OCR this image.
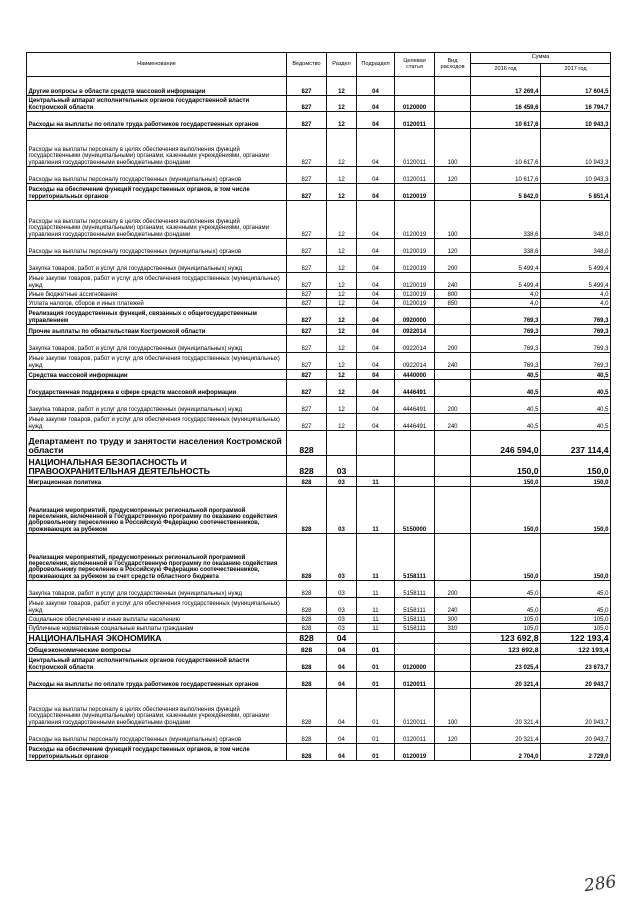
Наименование	Ведомство	Раздел	Подраздел	Целевая статья	Вид расходов	Сумма	
						2016 год	2017 год
Другие вопросы в области средств массовой информации	827	12	04			17 269,4	17 604,5
Центральный аппарат исполнительных органов государственной власти Костромской области	827	12	04	0120000		16 459,6	16 794,7
Расходы на выплаты по оплате труда работников государственных органов	827	12	04	0120011		10 617,6	10 943,3
Расходы на выплаты персоналу в целях обеспечения выполнения функций государственными (муниципальными) органами, казенными учреждениями, органами управления государственными внебюджетными фондами	827	12	04	0120011	100	10 617,6	10 943,3
Расходы на выплаты персоналу государственных (муниципальных) органов	827	12	04	0120011	120	10 617,6	10 943,3
Расходы на обеспечение функций государственных органов, в том числе территориальных органов	827	12	04	0120019		5 842,0	5 851,4
Расходы на выплаты персоналу в целях обеспечения выполнения функций государственными (муниципальными) органами, казенными учреждениями, органами управления государственными внебюджетными фондами	827	12	04	0120019	100	338,6	348,0
Расходы на выплаты персоналу государственных (муниципальных) органов	827	12	04	0120019	120	338,6	348,0
Закупка товаров, работ и услуг для государственных (муниципальных) нужд	827	12	04	0120019	200	5 499,4	5 499,4
Иные закупки товаров, работ и услуг для обеспечения государственных (муниципальных) нужд	827	12	04	0120019	240	5 499,4	5 499,4
Иные бюджетные ассигнования	827	12	04	0120019	800	4,0	4,0
Уплата налогов, сборов и иных платежей	827	12	04	0120019	850	4,0	4,0
Реализация государственных функций, связанных с общегосударственным управлением	827	12	04	0920000		769,3	769,3
Прочие выплаты по обязательствам Костромской области	827	12	04	0922014		769,3	769,3
Закупка товаров, работ и услуг для государственных (муниципальных) нужд	827	12	04	0922014	200	769,3	769,3
Иные закупки товаров, работ и услуг для обеспечения государственных (муниципальных) нужд	827	12	04	0922014	240	769,3	769,3
Средства массовой информации	827	12	04	4440000		40,5	40,5
Государственная поддержка в сфере средств массовой информации	827	12	04	4446491		40,5	40,5
Закупка товаров, работ и услуг для государственных (муниципальных) нужд	827	12	04	4446491	200	40,5	40,5
Иные закупки товаров, работ и услуг для обеспечения государственных (муниципальных) нужд	827	12	04	4446491	240	40,5	40,5
Департамент по труду и занятости населения Костромской области	828					246 594,0	237 114,4
НАЦИОНАЛЬНАЯ БЕЗОПАСНОСТЬ И ПРАВООХРАНИТЕЛЬНАЯ ДЕЯТЕЛЬНОСТЬ	828	03				150,0	150,0
Миграционная политика	828	03	11			150,0	150,0
Реализация мероприятий, предусмотренных региональной программой переселения, включенной в Государственную программу по оказанию содействия добровольному переселению в Российскую Федерацию соотечественников, проживающих за рубежом	828	03	11	5150000		150,0	150,0
Реализация мероприятий, предусмотренных региональной программой переселения, включенной в Государственную программу по оказанию содействия добровольному переселению в Российскую Федерацию соотечественников, проживающих за рубежом за счет средств областного бюджета	828	03	11	5158111		150,0	150,0
Закупка товаров, работ и услуг для государственных (муниципальных) нужд	828	03	11	5158111	200	45,0	45,0
Иные закупки товаров, работ и услуг для обеспечения государственных (муниципальных) нужд	828	03	11	5158111	240	45,0	45,0
Социальное обеспечение и иные выплаты населению	828	03	11	5158111	300	105,0	105,0
Публичные нормативные социальные выплаты гражданам	828	03	11	5158111	310	105,0	105,0
НАЦИОНАЛЬНАЯ ЭКОНОМИКА	828	04				123 692,8	122 193,4
Общеэкономические вопросы	828	04	01			123 692,8	122 193,4
Центральный аппарат исполнительных органов государственной власти Костромской области	828	04	01	0120000		23 025,4	23 673,7
Расходы на выплаты по оплате труда работников государственных органов	828	04	01	0120011		20 321,4	20 943,7
Расходы на выплаты персоналу в целях обеспечения выполнения функций государственными (муниципальными) органами, казенными учреждениями, органами управления государственными внебюджетными фондами	828	04	01	0120011	100	20 321,4	20 943,7
Расходы на выплаты персоналу государственных (муниципальных) органов	828	04	01	0120011	120	20 321,4	20 943,7
Расходы на обеспечение функций государственных органов, в том числе территориальных органов	828	04	01	0120019		2 704,0	2 729,0
286
